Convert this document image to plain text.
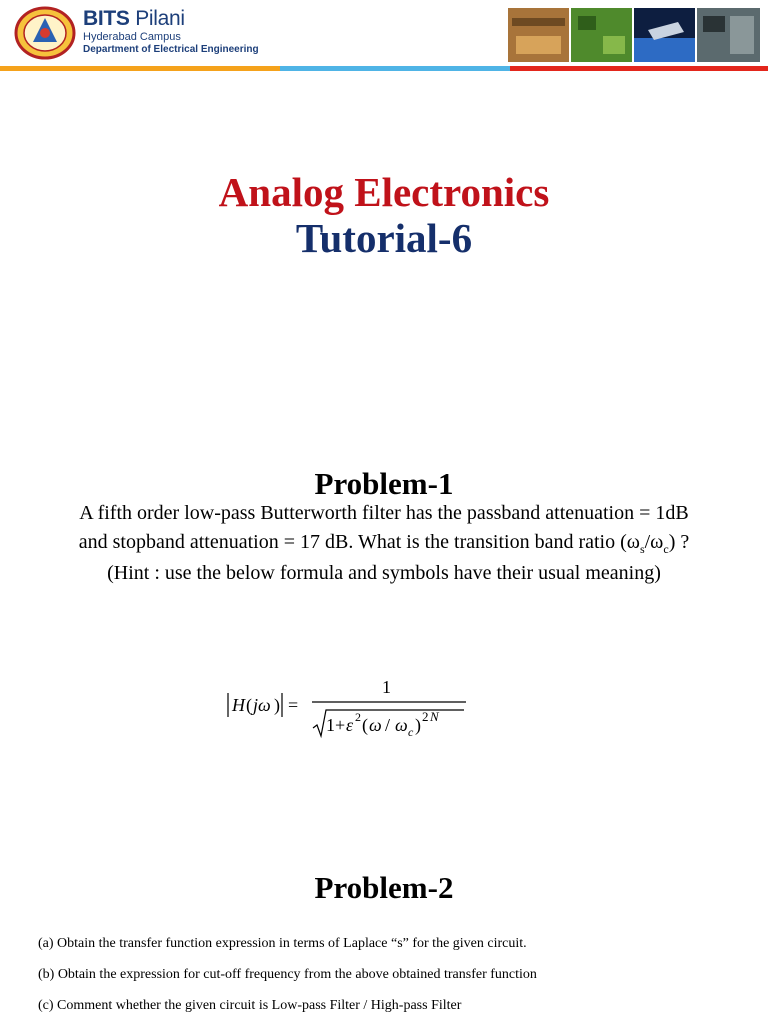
BITS Pilani
Hyderabad Campus
Department of Electrical Engineering
Analog Electronics
Tutorial-6
Problem-1
A fifth order low-pass Butterworth filter has the passband attenuation = 1dB
and stopband attenuation = 17 dB. What is the transition band ratio $(\omega_s/\omega_c)$ ?
(Hint : use the below formula and symbols have their usual meaning)
H ( jω ) =
1
1+ ε 2 ( ω / ω c ) 2 N
Problem-2
(a) Obtain the transfer function expression in terms of Laplace “s” for the given circuit.
(b) Obtain the expression for cut-off frequency from the above obtained transfer function
(c) Comment whether the given circuit is Low-pass Filter / High-pass Filter
